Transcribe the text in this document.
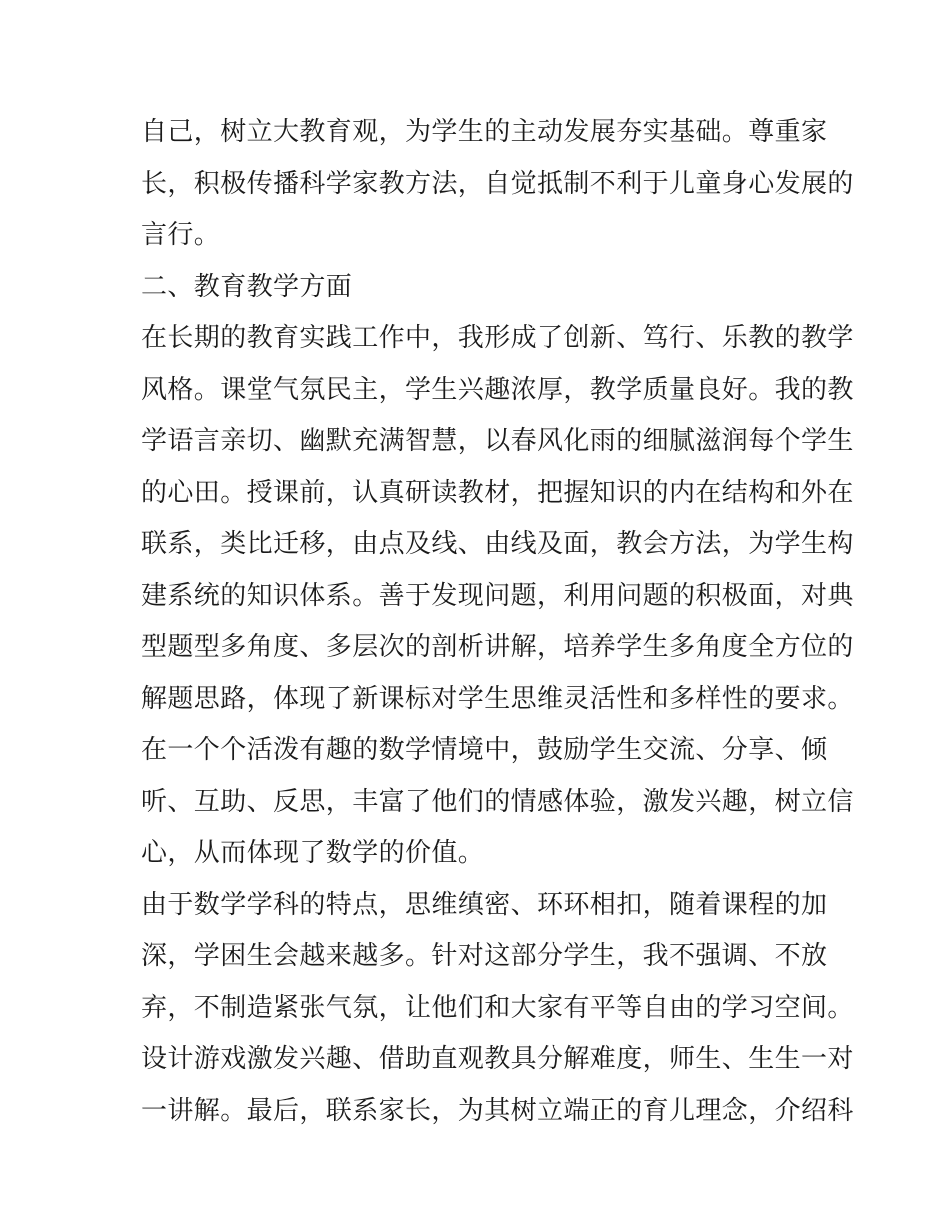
自己，树立大教育观，为学生的主动发展夯实基础。尊重家
长，积极传播科学家教方法，自觉抵制不利于儿童身心发展的
言行。
二、教育教学方面
在长期的教育实践工作中，我形成了创新、笃行、乐教的教学
风格。课堂气氛民主，学生兴趣浓厚，教学质量良好。我的教
学语言亲切、幽默充满智慧，以春风化雨的细腻滋润每个学生
的心田。授课前，认真研读教材，把握知识的内在结构和外在
联系，类比迁移，由点及线、由线及面，教会方法，为学生构
建系统的知识体系。善于发现问题，利用问题的积极面，对典
型题型多角度、多层次的剖析讲解，培养学生多角度全方位的
解题思路，体现了新课标对学生思维灵活性和多样性的要求。
在一个个活泼有趣的数学情境中，鼓励学生交流、分享、倾
听、互助、反思，丰富了他们的情感体验，激发兴趣，树立信
心，从而体现了数学的价值。
由于数学学科的特点，思维缜密、环环相扣，随着课程的加
深，学困生会越来越多。针对这部分学生，我不强调、不放
弃，不制造紧张气氛，让他们和大家有平等自由的学习空间。
设计游戏激发兴趣、借助直观教具分解难度，师生、生生一对
一讲解。最后，联系家长，为其树立端正的育儿理念，介绍科
